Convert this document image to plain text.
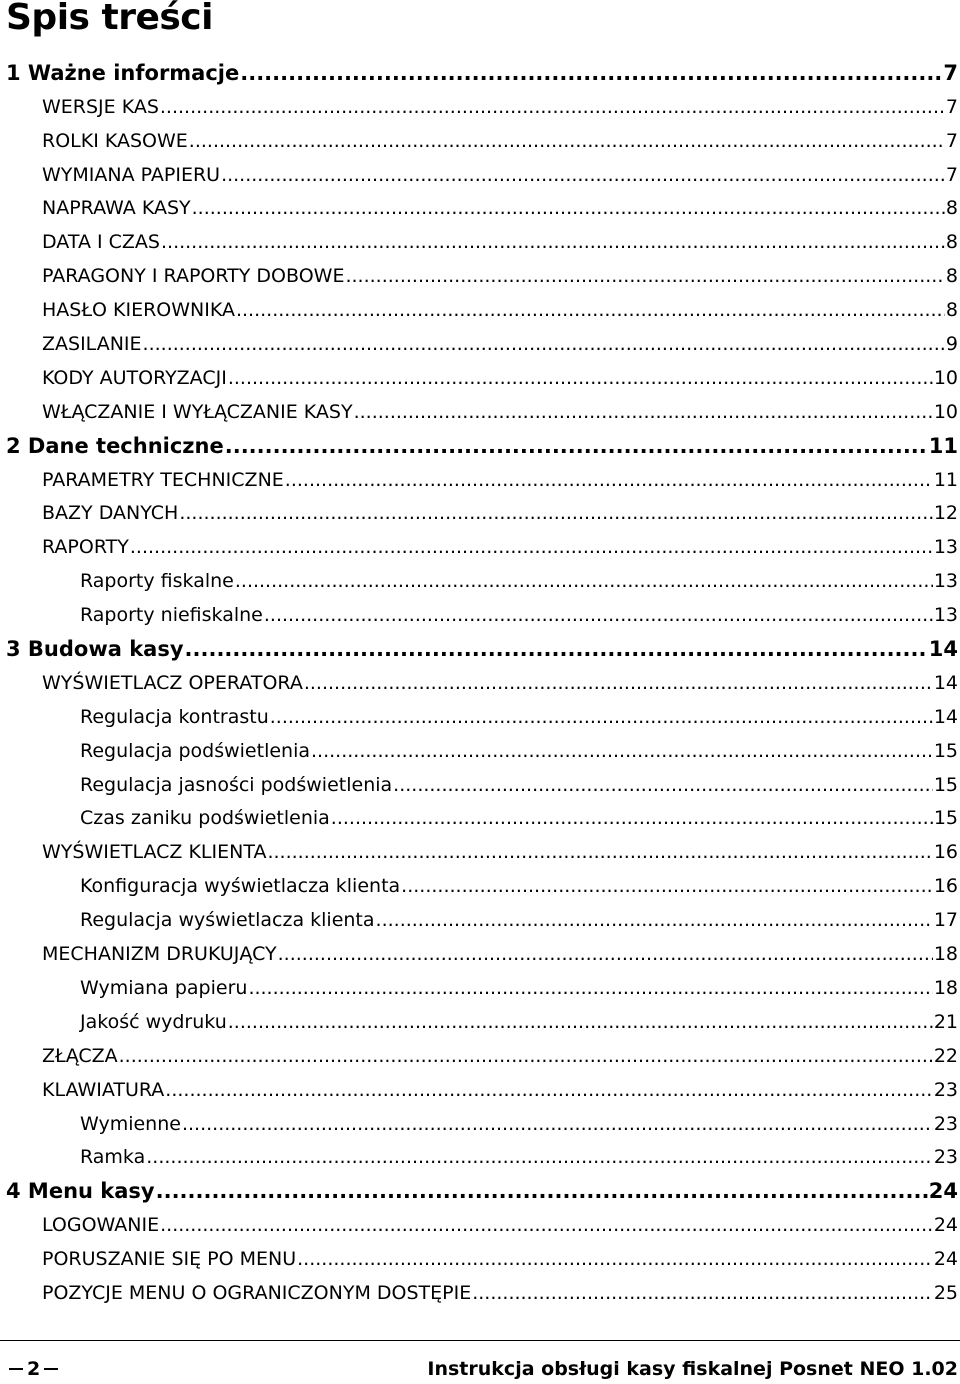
Spis treści
1 Ważne informacje .....	7
WERSJE KAS .....	7
ROLKI KASOWE .....	7
WYMIANA PAPIERU .....	7
NAPRAWA KASY .....	8
DATA I CZAS .....	8
PARAGONY I RAPORTY DOBOWE .....	8
HASŁO KIEROWNIKA .....	8
ZASILANIE .....	9
KODY AUTORYZACJI .....	10
WŁĄCZANIE I WYŁĄCZANIE KASY .....	10
2 Dane techniczne .....	11
PARAMETRY TECHNICZNE .....	11
BAZY DANYCH .....	12
RAPORTY .....	13
Raporty fiskalne .....	13
Raporty niefiskalne .....	13
3 Budowa kasy .....	14
WYŚWIETLACZ OPERATORA .....	14
Regulacja kontrastu .....	14
Regulacja podświetlenia .....	15
Regulacja jasności podświetlenia .....	15
Czas zaniku podświetlenia .....	15
WYŚWIETLACZ KLIENTA .....	16
Konfiguracja wyświetlacza klienta .....	16
Regulacja wyświetlacza klienta .....	17
MECHANIZM DRUKUJĄCY .....	18
Wymiana papieru .....	18
Jakość wydruku .....	21
ZŁĄCZA .....	22
KLAWIATURA .....	23
Wymienne .....	23
Ramka .....	23
4 Menu kasy .....	24
LOGOWANIE .....	24
PORUSZANIE SIĘ PO MENU .....	24
POZYCJE MENU O OGRANICZONYM DOSTĘPIE .....	25
2	Instrukcja obsługi kasy fiskalnej Posnet NEO 1.02
